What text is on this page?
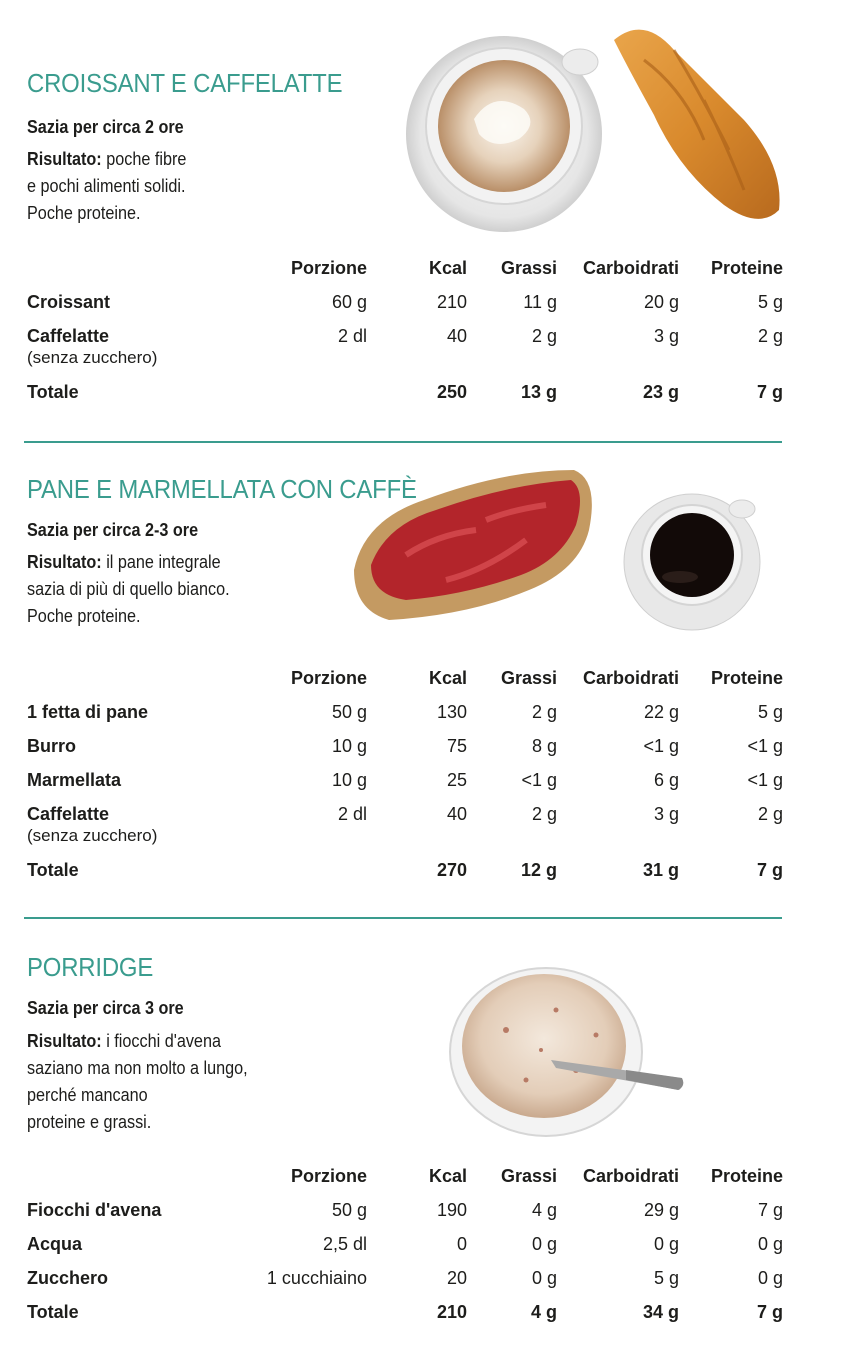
CROISSANT E CAFFELATTE
Sazia per circa 2 ore
Risultato: poche fibre
e pochi alimenti solidi.
Poche proteine.
	Porzione	Kcal	Grassi	Carboidrati	Proteine
Croissant	60 g	210	11 g	20 g	5 g
Caffelatte
(senza zucchero)	2 dl	40	2 g	3 g	2 g
Totale		250	13 g	23 g	7 g
PANE E MARMELLATA CON CAFFÈ
Sazia per circa 2-3 ore
Risultato: il pane integrale
sazia di più di quello bianco.
Poche proteine.
	Porzione	Kcal	Grassi	Carboidrati	Proteine
1 fetta di pane	50 g	130	2 g	22 g	5 g
Burro	10 g	75	8 g	<1 g	<1 g
Marmellata	10 g	25	<1 g	6 g	<1 g
Caffelatte
(senza zucchero)	2 dl	40	2 g	3 g	2 g
Totale		270	12 g	31 g	7 g
PORRIDGE
Sazia per circa 3 ore
Risultato: i fiocchi d'avena
saziano ma non molto a lungo,
perché mancano
proteine e grassi.
	Porzione	Kcal	Grassi	Carboidrati	Proteine
Fiocchi d'avena	50 g	190	4 g	29 g	7 g
Acqua	2,5 dl	0	0 g	0 g	0 g
Zucchero	1 cucchiaino	20	0 g	5 g	0 g
Totale		210	4 g	34 g	7 g
